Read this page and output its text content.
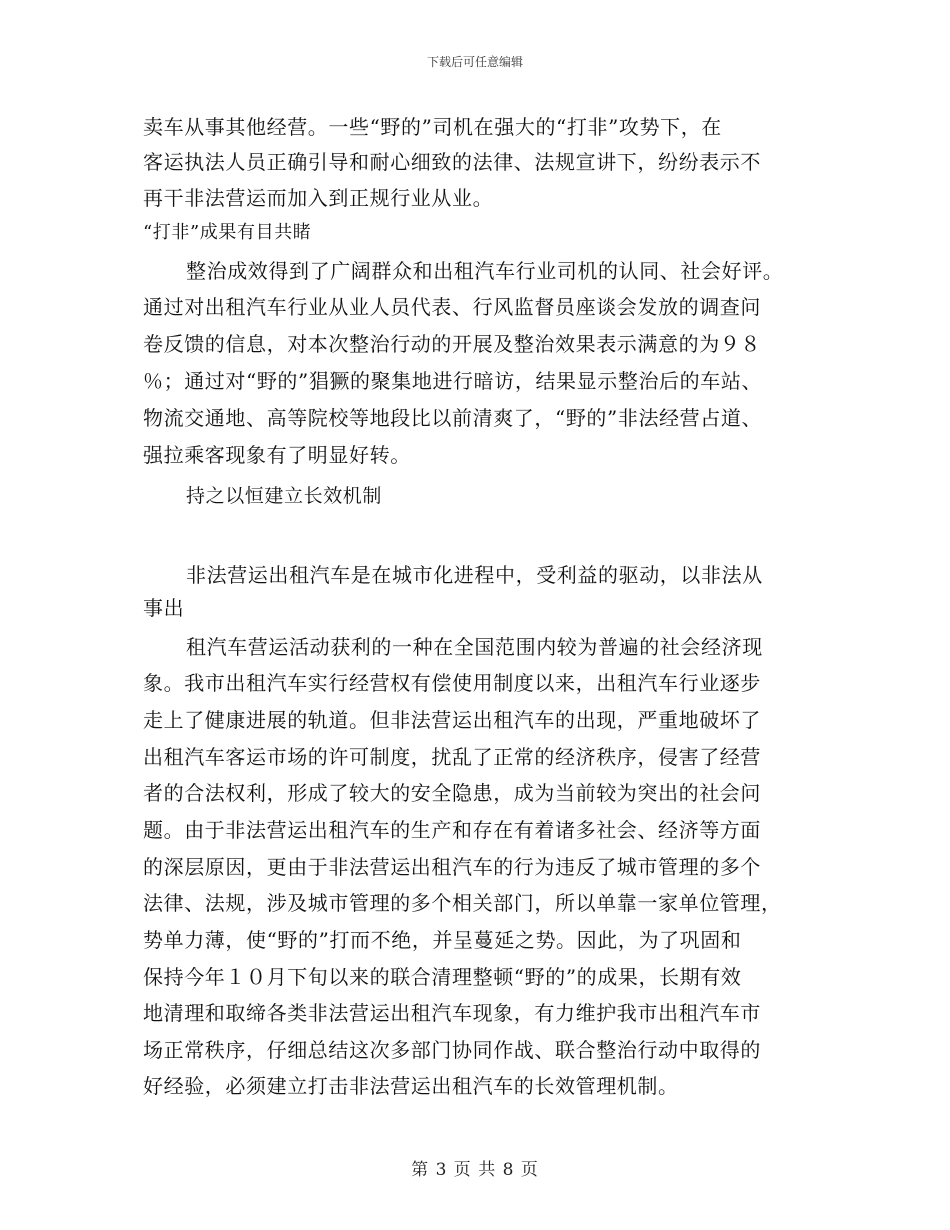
下载后可任意编辑
卖车从事其他经营。一些“野的”司机在强大的“打非”攻势下，在
客运执法人员正确引导和耐心细致的法律、法规宣讲下，纷纷表示不
再干非法营运而加入到正规行业从业。
“打非”成果有目共睹
整治成效得到了广阔群众和出租汽车行业司机的认同、社会好评。
通过对出租汽车行业从业人员代表、行风监督员座谈会发放的调查问
卷反馈的信息，对本次整治行动的开展及整治效果表示满意的为９８
％；通过对“野的”猖獗的聚集地进行暗访，结果显示整治后的车站、
物流交通地、高等院校等地段比以前清爽了，“野的”非法经营占道、
强拉乘客现象有了明显好转。
持之以恒建立长效机制
非法营运出租汽车是在城市化进程中，受利益的驱动，以非法从
事出
租汽车营运活动获利的一种在全国范围内较为普遍的社会经济现
象。我市出租汽车实行经营权有偿使用制度以来，出租汽车行业逐步
走上了健康进展的轨道。但非法营运出租汽车的出现，严重地破坏了
出租汽车客运市场的许可制度，扰乱了正常的经济秩序，侵害了经营
者的合法权利，形成了较大的安全隐患，成为当前较为突出的社会问
题。由于非法营运出租汽车的生产和存在有着诸多社会、经济等方面
的深层原因，更由于非法营运出租汽车的行为违反了城市管理的多个
法律、法规，涉及城市管理的多个相关部门，所以单靠一家单位管理，
势单力薄，使“野的”打而不绝，并呈蔓延之势。因此，为了巩固和
保持今年１０月下旬以来的联合清理整顿“野的”的成果，长期有效
地清理和取缔各类非法营运出租汽车现象，有力维护我市出租汽车市
场正常秩序，仔细总结这次多部门协同作战、联合整治行动中取得的
好经验，必须建立打击非法营运出租汽车的长效管理机制。
第 3 页 共 8 页
